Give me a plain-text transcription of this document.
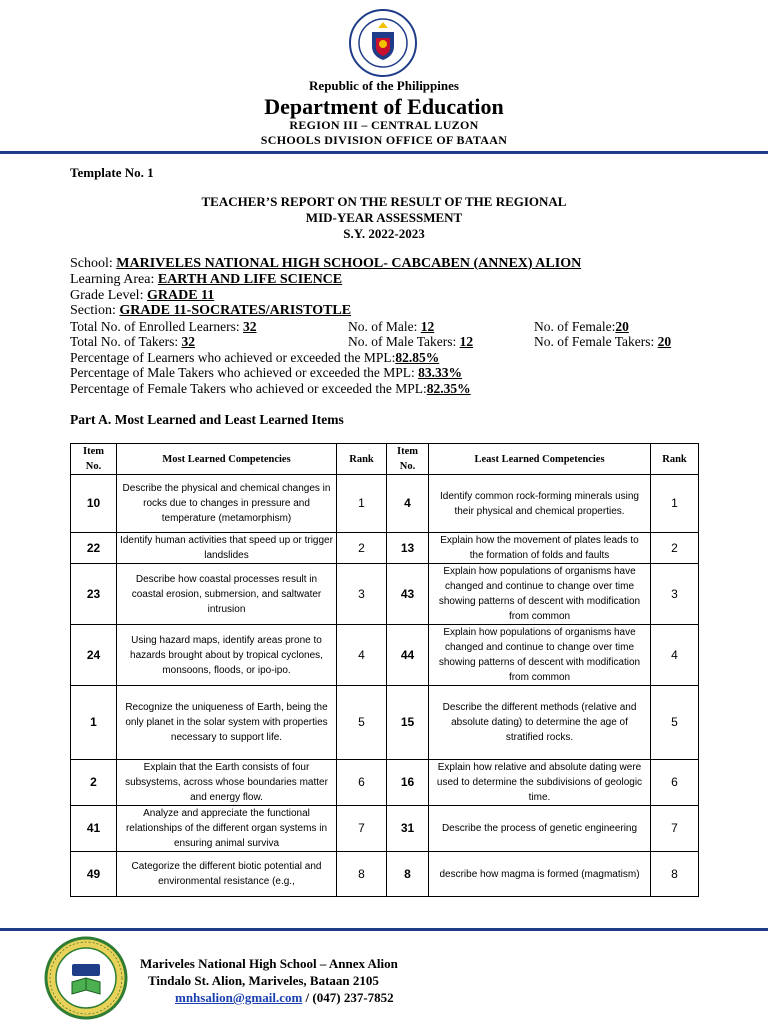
Republic of the Philippines
Department of Education
REGION III – CENTRAL LUZON
SCHOOLS DIVISION OFFICE OF BATAAN
Template No. 1
TEACHER’S REPORT ON THE RESULT OF THE REGIONAL
MID-YEAR ASSESSMENT
S.Y. 2022-2023
School: MARIVELES NATIONAL HIGH SCHOOL- CABCABEN (ANNEX) ALION
Learning Area: EARTH AND LIFE SCIENCE
Grade Level: GRADE 11
Section: GRADE 11-SOCRATES/ARISTOTLE
Total No. of Enrolled Learners: 32	No. of Male: 12	No. of Female:20
Total No. of Takers: 32	No. of Male Takers: 12	No. of Female Takers: 20
Percentage of Learners who achieved or exceeded the MPL:82.85%
Percentage of Male Takers who achieved or exceeded the MPL: 83.33%
Percentage of Female Takers who achieved or exceeded the MPL:82.35%
Part A. Most Learned and Least Learned Items
Item No.	Most Learned Competencies	Rank	Item No.	Least Learned Competencies	Rank
10	Describe the physical and chemical changes in rocks due to changes in pressure and temperature (metamorphism)	1	4	Identify common rock-forming minerals using their physical and chemical properties.	1
22	Identify human activities that speed up or trigger landslides	2	13	Explain how the movement of plates leads to the formation of folds and faults	2
23	Describe how coastal processes result in coastal erosion, submersion, and saltwater intrusion	3	43	Explain how populations of organisms have changed and continue to change over time showing patterns of descent with modification from common	3
24	Using hazard maps, identify areas prone to hazards brought about by tropical cyclones, monsoons, floods, or ipo-ipo.	4	44	Explain how populations of organisms have changed and continue to change over time showing patterns of descent with modification from common	4
1	Recognize the uniqueness of Earth, being the only planet in the solar system with properties necessary to support life.	5	15	Describe the different methods (relative and absolute dating) to determine the age of stratified rocks.	5
2	Explain that the Earth consists of four subsystems, across whose boundaries matter and energy flow.	6	16	Explain how relative and absolute dating were used to determine the subdivisions of geologic time.	6
41	Analyze and appreciate the functional relationships of the different organ systems in ensuring animal surviva	7	31	Describe the process of genetic engineering	7
49	Categorize the different biotic potential and environmental resistance (e.g.,	8	8	describe how magma is formed (magmatism)	8
Mariveles National High School – Annex Alion
Tindalo St. Alion, Mariveles, Bataan 2105
mnhsalion@gmail.com / (047) 237-7852
